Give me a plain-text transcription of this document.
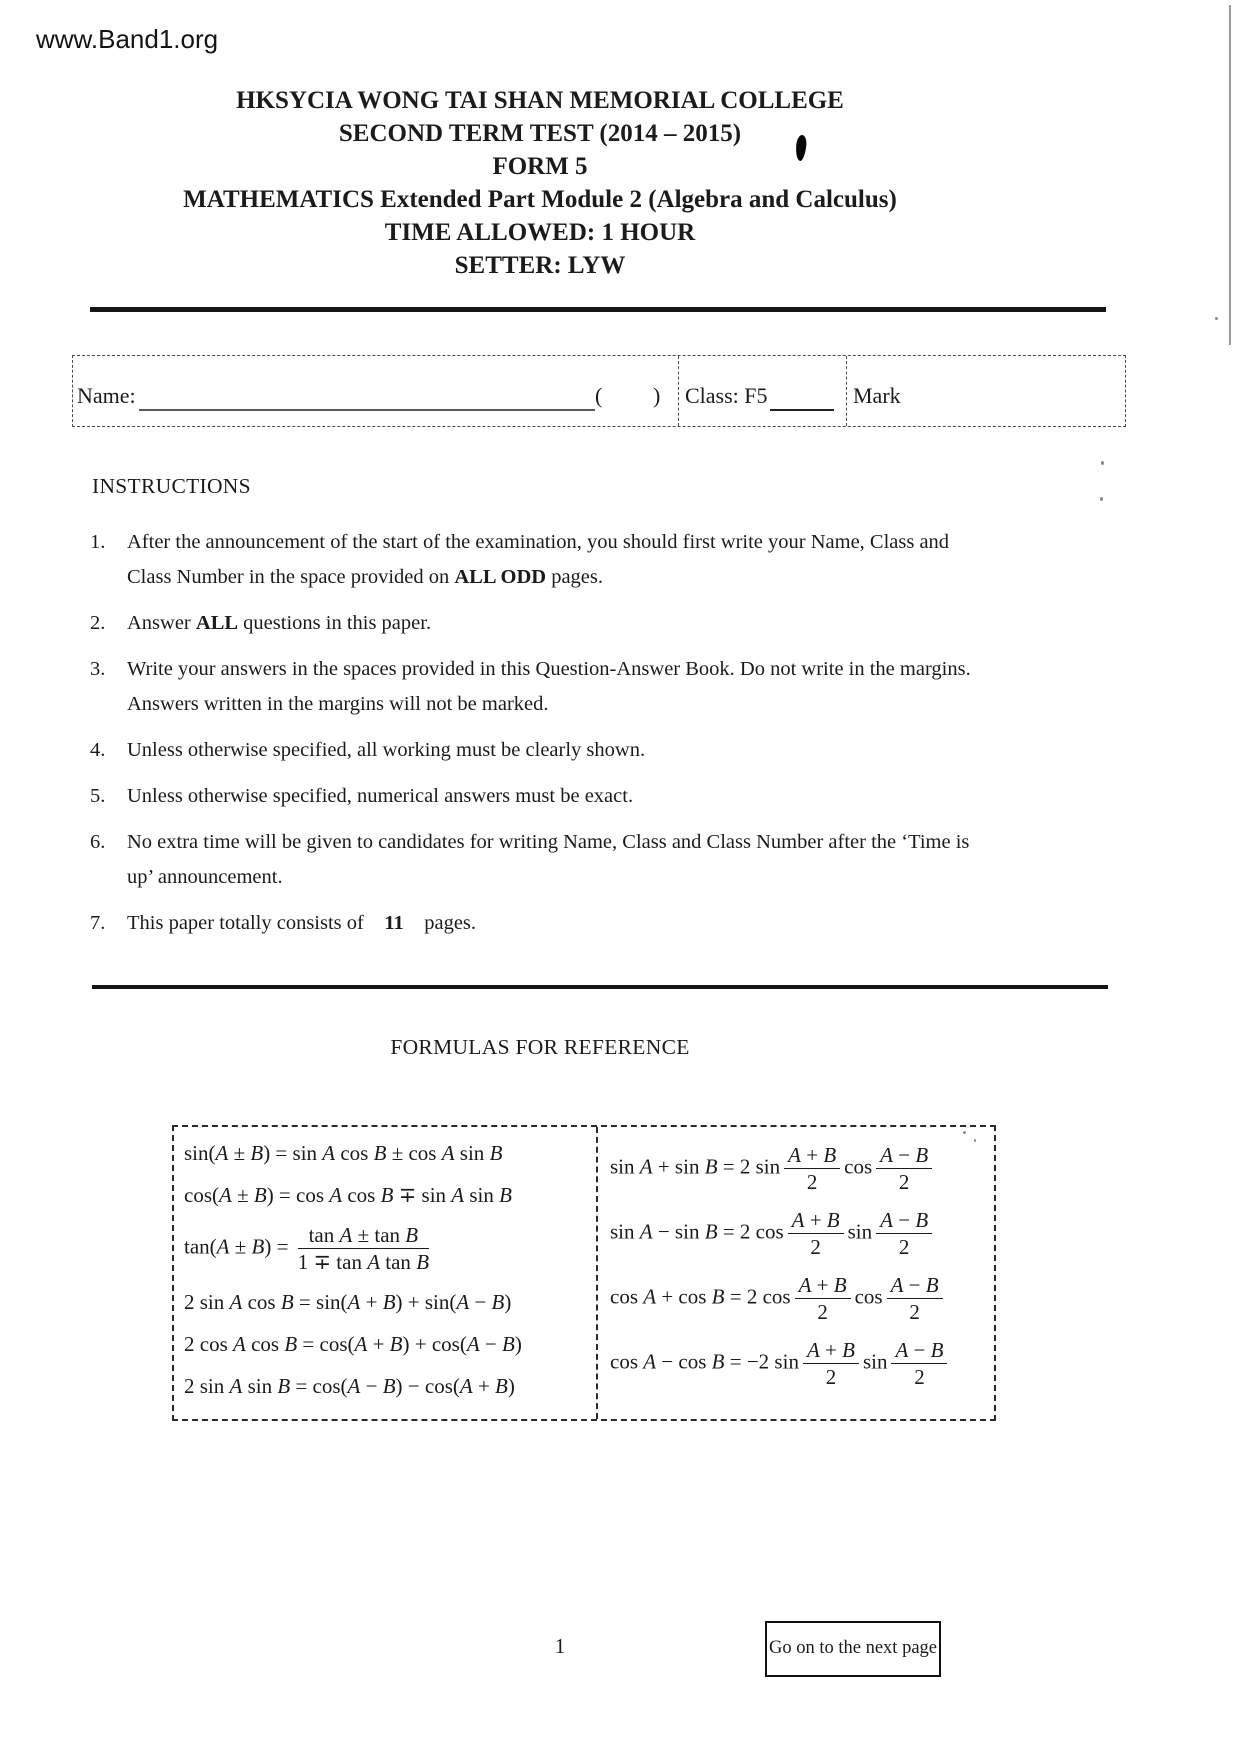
www.Band1.org
HKSYCIA WONG TAI SHAN MEMORIAL COLLEGE
SECOND TERM TEST (2014 – 2015)
FORM 5
MATHEMATICS Extended Part Module 2 (Algebra and Calculus)
TIME ALLOWED: 1 HOUR
SETTER: LYW
Name:	( ) Class: F5	Mark
INSTRUCTIONS
1.	After the announcement of the start of the examination, you should first write your Name, Class and Class Number in the space provided on ALL ODD pages.
2.	Answer ALL questions in this paper.
3.	Write your answers in the spaces provided in this Question-Answer Book. Do not write in the margins. Answers written in the margins will not be marked.
4.	Unless otherwise specified, all working must be clearly shown.
5.	Unless otherwise specified, numerical answers must be exact.
6.	No extra time will be given to candidates for writing Name, Class and Class Number after the ‘Time is up’ announcement.
7.	This paper totally consists of 11 pages.
FORMULAS FOR REFERENCE
sin(A ± B) = sin A cos B ± cos A sin B
cos(A ± B) = cos A cos B ∓ sin A sin B
$\tan(A \pm B) = \frac{\text{tan A ± tan B}}{\text{1 ∓ tan A tan B}}$
2 sin A cos B = sin(A + B) + sin(A − B)
2 cos A cos B = cos(A + B) + cos(A − B)
2 sin A sin B = cos(A − B) − cos(A + B)
sin A + sin B = 2 $\sin \frac{A + B}{2}$ $\cos \frac{A - B}{2}$
sin A − sin B = 2 $\cos \frac{A + B}{2}$ $\sin \frac{A - B}{2}$
cos A + cos B = 2 $\cos \frac{A + B}{2}$ $\cos \frac{A - B}{2}$
cos A − cos B = −2 $\sin \frac{A + B}{2}$ $\sin \frac{A - B}{2}$
1	Go on to the next page
